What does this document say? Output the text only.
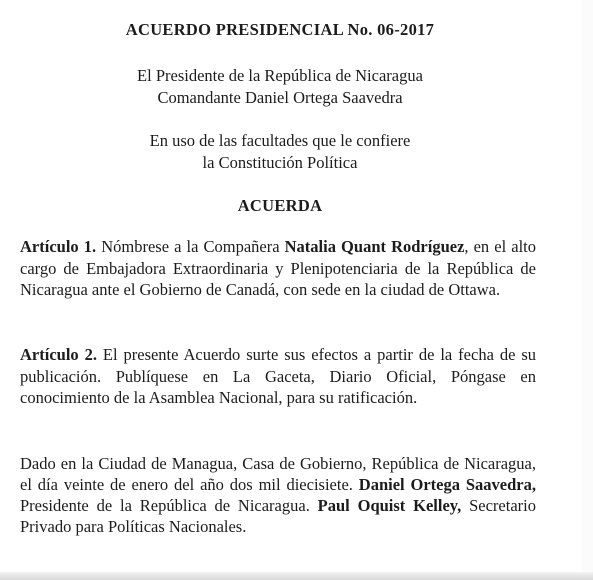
ACUERDO PRESIDENCIAL No. 06-2017
El Presidente de la República de Nicaragua
Comandante Daniel Ortega Saavedra
En uso de las facultades que le confiere
la Constitución Política
ACUERDA

Artículo 1. Nómbrese a la Compañera Natalia Quant Rodríguez, en el alto cargo de Embajadora Extraordinaria y Plenipotenciaria de la República de Nicaragua ante el Gobierno de Canadá, con sede en la ciudad de Ottawa.

Artículo 2. El presente Acuerdo surte sus efectos a partir de la fecha de su publicación. Publíquese en La Gaceta, Diario Oficial, Póngase en conocimiento de la Asamblea Nacional, para su ratificación.

Dado en la Ciudad de Managua, Casa de Gobierno, República de Nicaragua, el día veinte de enero del año dos mil diecisiete. Daniel Ortega Saavedra, Presidente de la República de Nicaragua. Paul Oquist Kelley, Secretario Privado para Políticas Nacionales.
